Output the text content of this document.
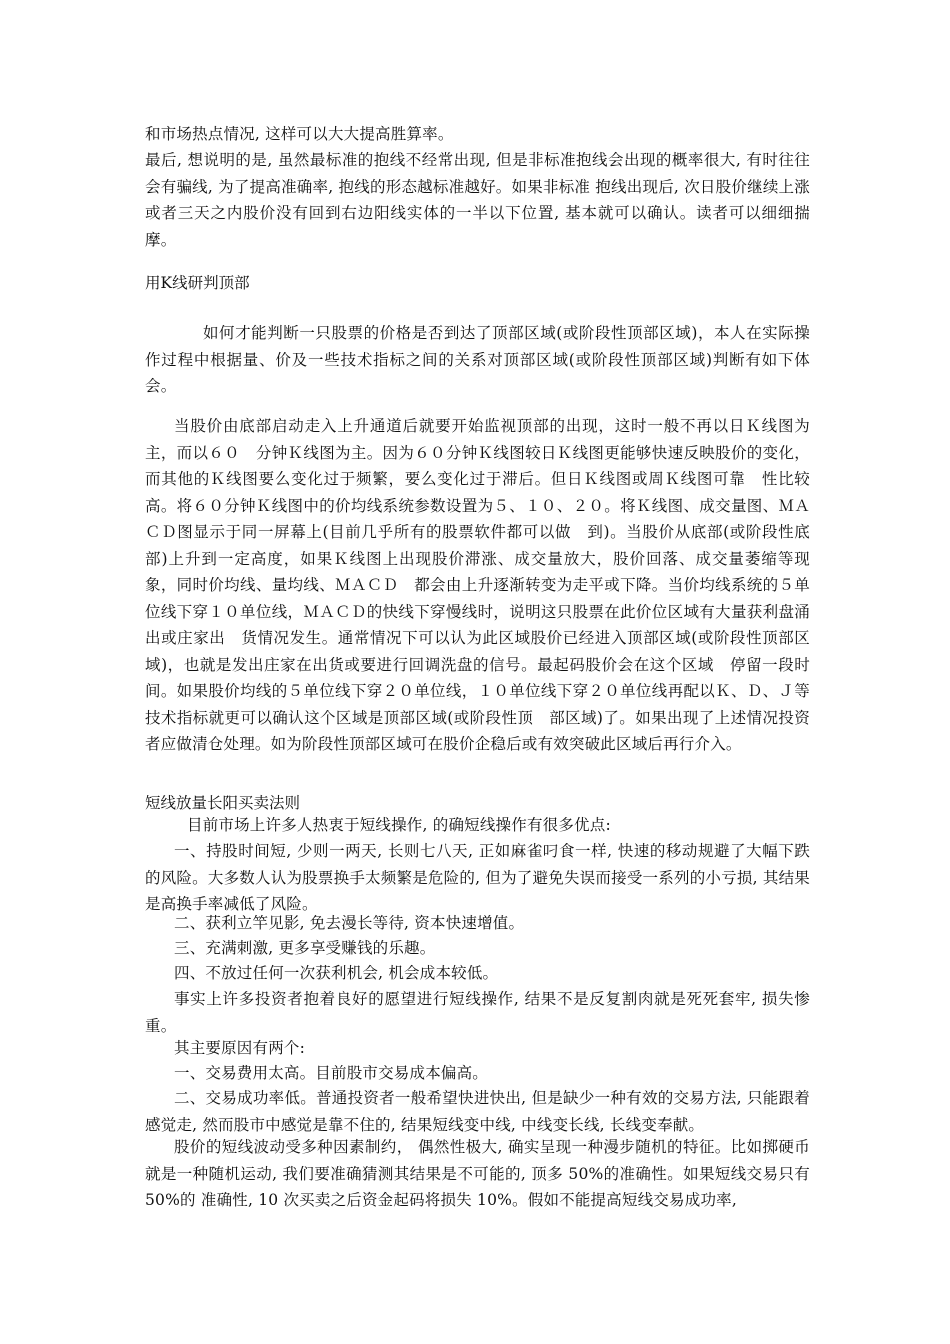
和市场热点情况, 这样可以大大提高胜算率。

最后, 想说明的是, 虽然最标准的抱线不经常出现, 但是非标准抱线会出现的概率很大, 有时往往会有骗线, 为了提高准确率, 抱线的形态越标准越好。如果非标准 抱线出现后, 次日股价继续上涨或者三天之内股价没有回到右边阳线实体的一半以下位置, 基本就可以确认。读者可以细细揣摩。

用K线研判顶部

如何才能判断一只股票的价格是否到达了顶部区域(或阶段性顶部区域)，本人在实际操作过程中根据量、价及一些技术指标之间的关系对顶部区域(或阶段性顶部区域)判断有如下体会。

当股价由底部启动走入上升通道后就要开始监视顶部的出现，这时一般不再以日Ｋ线图为主，而以６０　分钟Ｋ线图为主。因为６０分钟Ｋ线图较日Ｋ线图更能够快速反映股价的变化，而其他的Ｋ线图要么变化过于频繁，要么变化过于滞后。但日Ｋ线图或周Ｋ线图可靠　性比较高。将６０分钟Ｋ线图中的价均线系统参数设置为５、１０、２０。将Ｋ线图、成交量图、ＭＡＣＤ图显示于同一屏幕上(目前几乎所有的股票软件都可以做　到)。当股价从底部(或阶段性底部)上升到一定高度，如果Ｋ线图上出现股价滞涨、成交量放大，股价回落、成交量萎缩等现象，同时价均线、量均线、ＭＡＣＤ　都会由上升逐渐转变为走平或下降。当价均线系统的５单位线下穿１０单位线，ＭＡＣＤ的快线下穿慢线时，说明这只股票在此价位区域有大量获利盘涌出或庄家出　货情况发生。通常情况下可以认为此区域股价已经进入顶部区域(或阶段性顶部区域)，也就是发出庄家在出货或要进行回调洗盘的信号。最起码股价会在这个区域　停留一段时间。如果股价均线的５单位线下穿２０单位线，１０单位线下穿２０单位线再配以Ｋ、Ｄ、Ｊ等技术指标就更可以确认这个区域是顶部区域(或阶段性顶　部区域)了。如果出现了上述情况投资者应做清仓处理。如为阶段性顶部区域可在股价企稳后或有效突破此区域后再行介入。

短线放量长阳买卖法则

目前市场上许多人热衷于短线操作, 的确短线操作有很多优点:

一、持股时间短, 少则一两天, 长则七八天, 正如麻雀叼食一样, 快速的移动规避了大幅下跌的风险。大多数人认为股票换手太频繁是危险的, 但为了避免失误而接受一系列的小亏损, 其结果是高换手率减低了风险。

二、获利立竿见影, 免去漫长等待, 资本快速增值。

三、充满刺激, 更多享受赚钱的乐趣。

四、不放过任何一次获利机会, 机会成本较低。

事实上许多投资者抱着良好的愿望进行短线操作, 结果不是反复割肉就是死死套牢, 损失惨重。

其主要原因有两个:

一、交易费用太高。目前股市交易成本偏高。

二、交易成功率低。普通投资者一般希望快进快出, 但是缺少一种有效的交易方法, 只能跟着感觉走, 然而股市中感觉是靠不住的, 结果短线变中线, 中线变长线, 长线变奉献。

股价的短线波动受多种因素制约， 偶然性极大, 确实呈现一种漫步随机的特征。比如掷硬币就是一种随机运动, 我们要准确猜测其结果是不可能的, 顶多 50%的准确性。如果短线交易只有 50%的 准确性, 10 次买卖之后资金起码将损失 10%。假如不能提高短线交易成功率,
